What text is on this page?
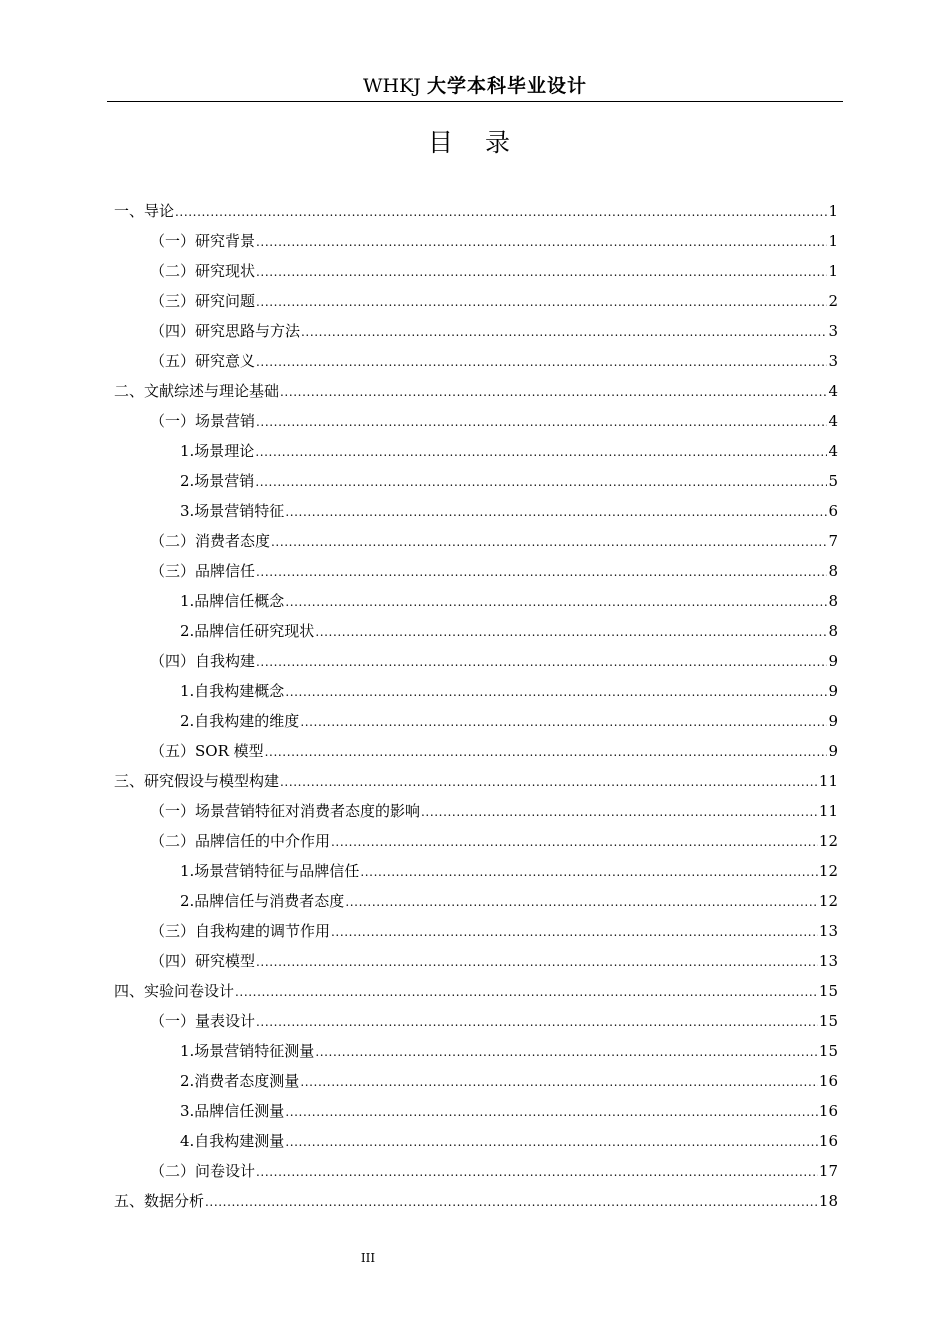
WHKJ 大学本科毕业设计
目 录
一、导论 .....	1
（一）研究背景 .....	1
（二）研究现状 .....	1
（三）研究问题 .....	2
（四）研究思路与方法 .....	3
（五）研究意义 .....	3
二、文献综述与理论基础 .....	4
（一）场景营销 .....	4
1.场景理论 .....	4
2.场景营销 .....	5
3.场景营销特征 .....	6
（二）消费者态度 .....	7
（三）品牌信任 .....	8
1.品牌信任概念 .....	8
2.品牌信任研究现状 .....	8
（四）自我构建 .....	9
1.自我构建概念 .....	9
2.自我构建的维度 .....	9
（五）SOR 模型 .....	9
三、研究假设与模型构建 .....	11
（一）场景营销特征对消费者态度的影响 .....	11
（二）品牌信任的中介作用 .....	12
1.场景营销特征与品牌信任 .....	12
2.品牌信任与消费者态度 .....	12
（三）自我构建的调节作用 .....	13
（四）研究模型 .....	13
四、实验问卷设计 .....	15
（一）量表设计 .....	15
1.场景营销特征测量 .....	15
2.消费者态度测量 .....	16
3.品牌信任测量 .....	16
4.自我构建测量 .....	16
（二）问卷设计 .....	17
五、数据分析 .....	18
III
